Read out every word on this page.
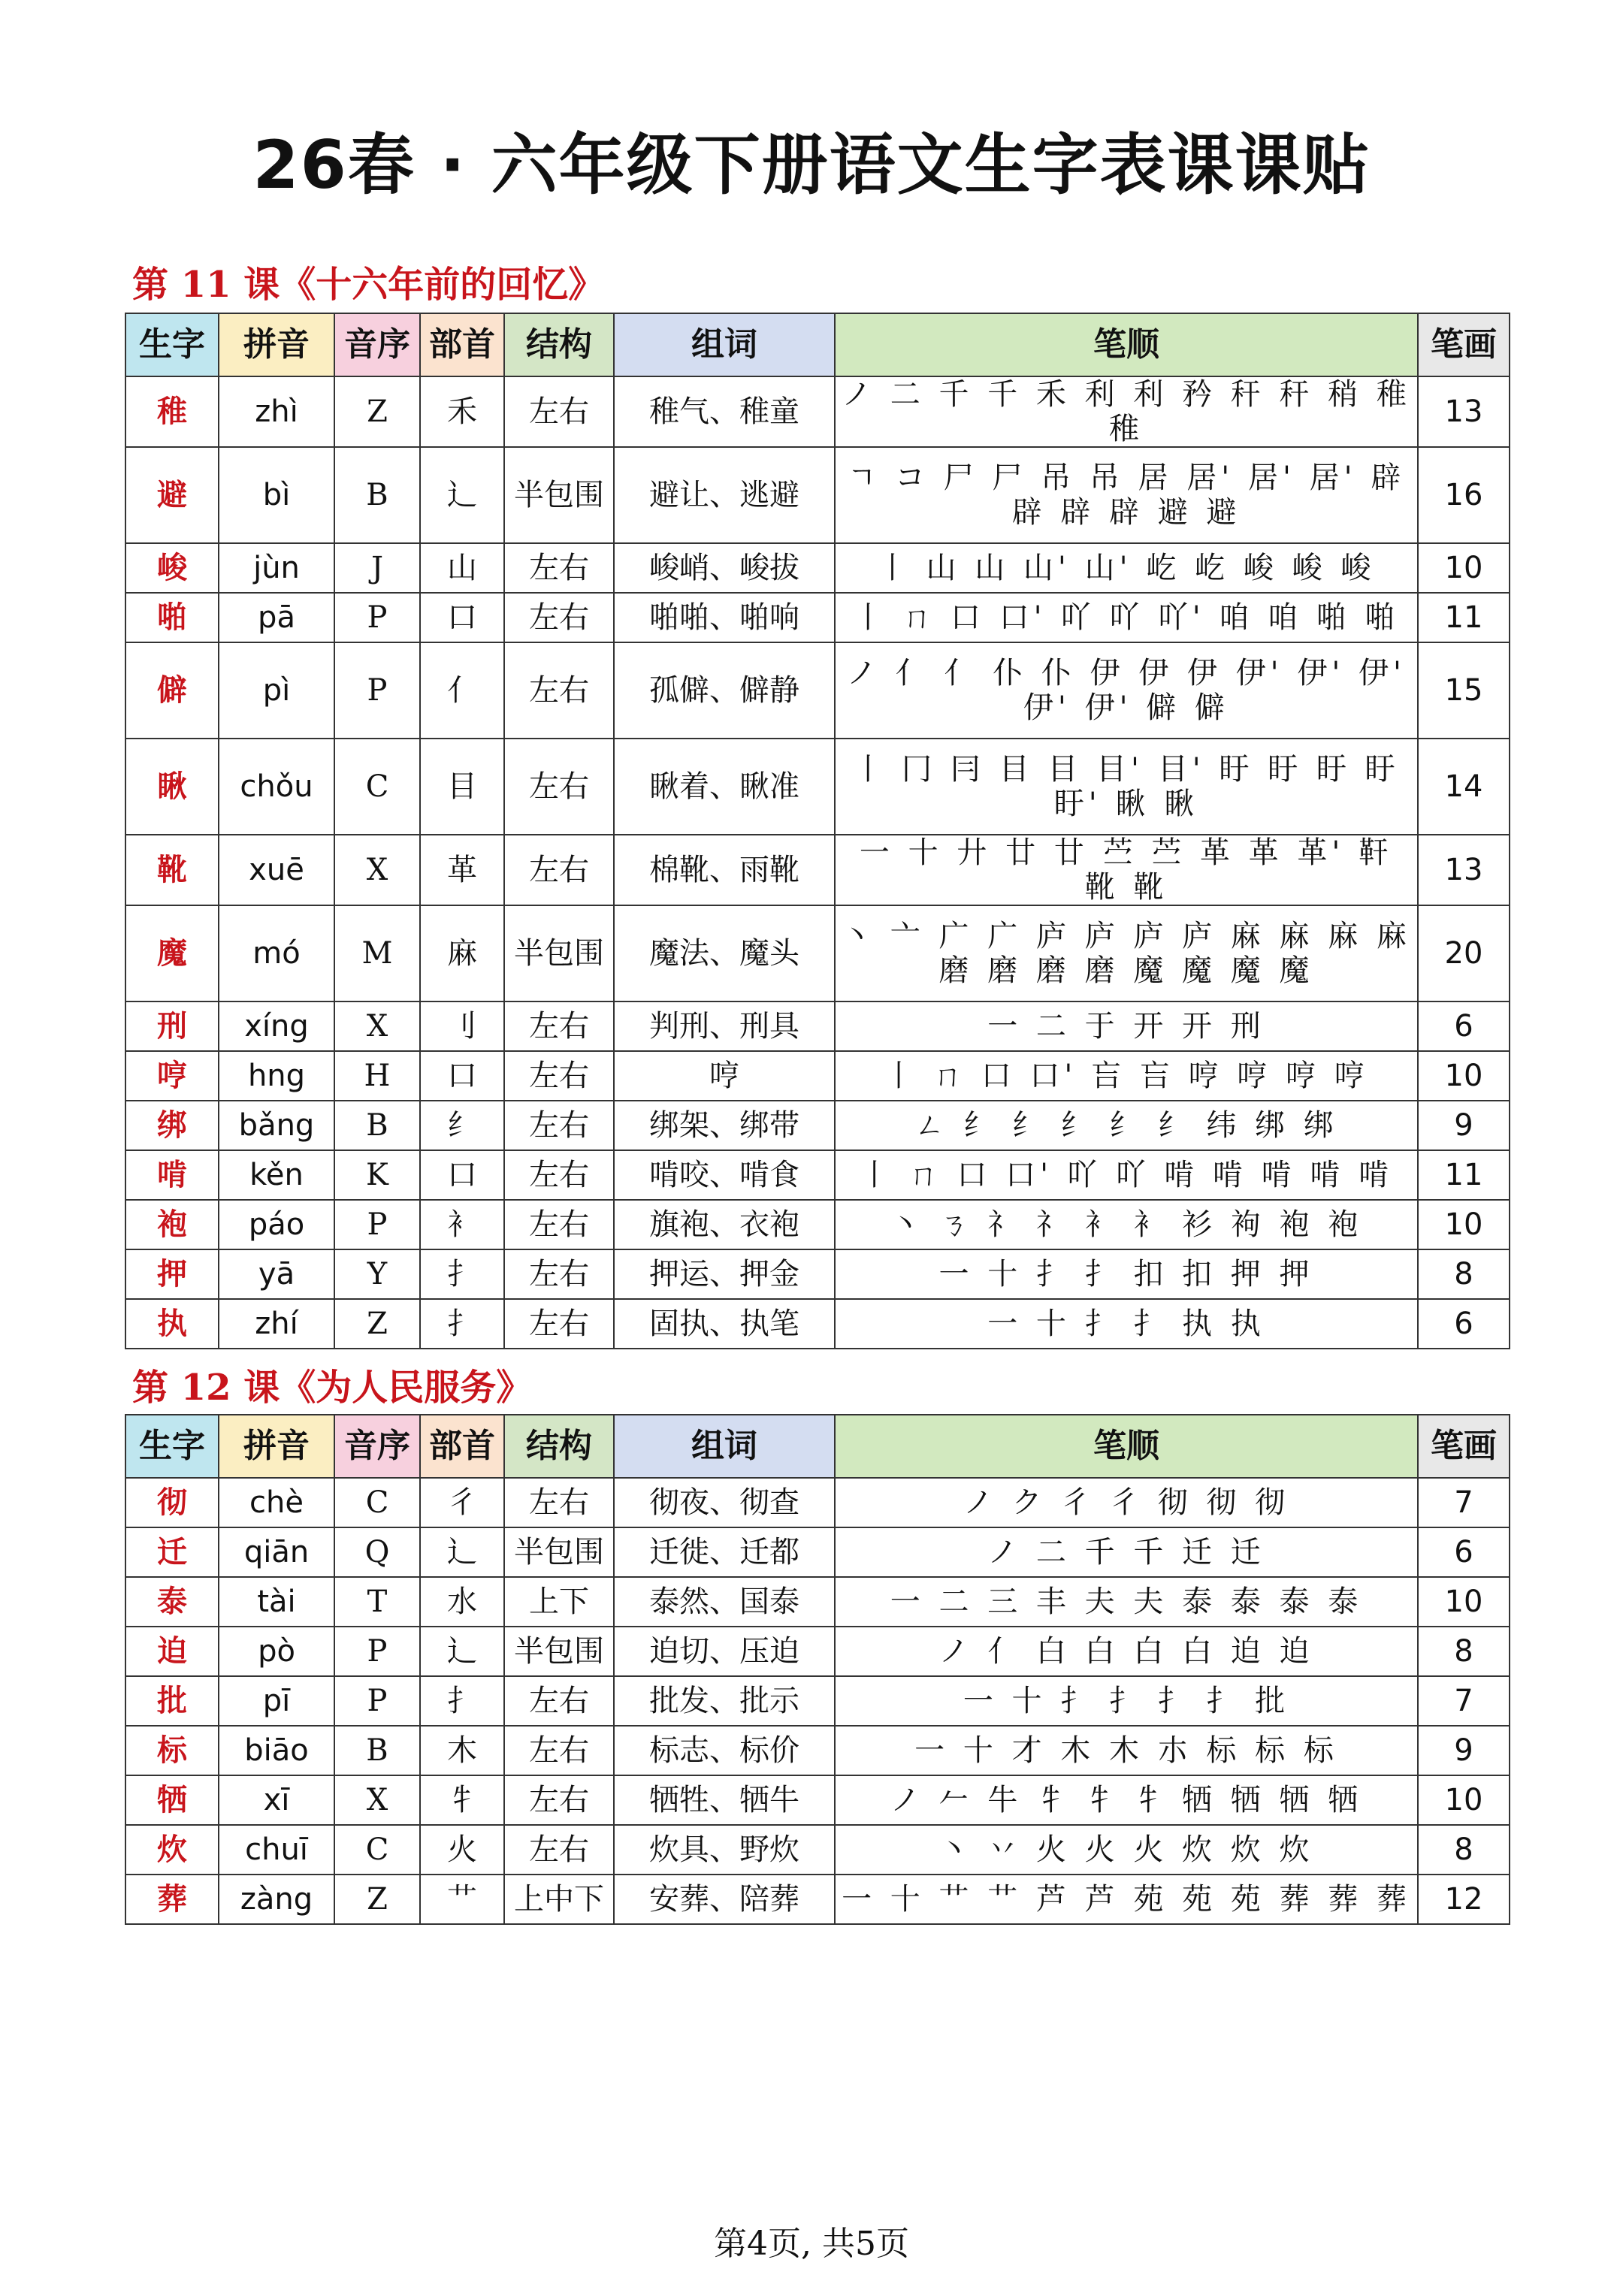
26春 · 六年级下册语文生字表课课贴
第 11 课《十六年前的回忆》
生字	拼音	音序	部首	结构	组词	笔顺	笔画
稚	zhì	Z	禾	左右	稚气、稚童	ノ 二 千 千 禾 利 利 矜 秆 秆 稍 稚 稚	13
避	bì	B	辶	半包围	避让、逃避	ㄱ コ 尸 尸 吊 吊 居 居' 居' 居' 辟 辟 辟 辟 避 避	16
峻	jùn	J	山	左右	峻峭、峻拔	丨 山 山 山' 山' 屹 屹 峻 峻 峻	10
啪	pā	P	口	左右	啪啪、啪响	丨 ㄇ 口 口' 吖 吖 吖' 咱 咱 啪 啪	11
僻	pì	P	亻	左右	孤僻、僻静	ノ 亻 亻 仆 仆 伊 伊 伊 伊' 伊' 伊' 伊' 伊' 僻 僻	15
瞅	chǒu	C	目	左右	瞅着、瞅准	丨 冂 冃 目 目 目' 目' 盱 盱 盱 盱 盱' 瞅 瞅	14
靴	xuē	X	革	左右	棉靴、雨靴	一 十 廾 廿 廿 苎 苎 革 革 革' 靬 靴 靴	13
魔	mó	M	麻	半包围	魔法、魔头	丶 亠 广 广 庐 庐 庐 庐 麻 麻 麻 麻 磨 磨 磨 磨 魔 魔 魔 魔	20
刑	xíng	X	刂	左右	判刑、刑具	一 二 于 开 开 刑	6
哼	hng	H	口	左右	哼	丨 ㄇ 口 口' 吂 吂 哼 哼 哼 哼	10
绑	bǎng	B	纟	左右	绑架、绑带	ㄥ 纟 纟 纟 纟 纟 纬 绑 绑	9
啃	kěn	K	口	左右	啃咬、啃食	丨 ㄇ 口 口' 吖 吖 啃 啃 啃 啃 啃	11
袍	páo	P	衤	左右	旗袍、衣袍	丶 ㄋ 礻 礻 衤 衤 衫 袧 袍 袍	10
押	yā	Y	扌	左右	押运、押金	一 十 扌 扌 扣 扣 押 押	8
执	zhí	Z	扌	左右	固执、执笔	一 十 扌 扌 执 执	6
第 12 课《为人民服务》
生字	拼音	音序	部首	结构	组词	笔顺	笔画
彻	chè	C	彳	左右	彻夜、彻查	ノ ク 彳 彳 彻 彻 彻	7
迁	qiān	Q	辶	半包围	迁徙、迁都	ノ 二 千 千 迁 迁	6
泰	tài	T	水	上下	泰然、国泰	一 二 三 丰 夫 夫 泰 泰 泰 泰	10
迫	pò	P	辶	半包围	迫切、压迫	ノ 亻 白 白 白 白 迫 迫	8
批	pī	P	扌	左右	批发、批示	一 十 扌 扌 扌 扌 批	7
标	biāo	B	木	左右	标志、标价	一 十 才 木 木 朩 标 标 标	9
牺	xī	X	牜	左右	牺牲、牺牛	ノ 𠂉 牛 牜 牜 牜 牺 牺 牺 牺	10
炊	chuī	C	火	左右	炊具、野炊	丶 丷 火 火 火 炊 炊 炊	8
葬	zàng	Z	艹	上中下	安葬、陪葬	一 十 艹 艹 芦 芦 苑 苑 苑 葬 葬 葬	12

第4页, 共5页
